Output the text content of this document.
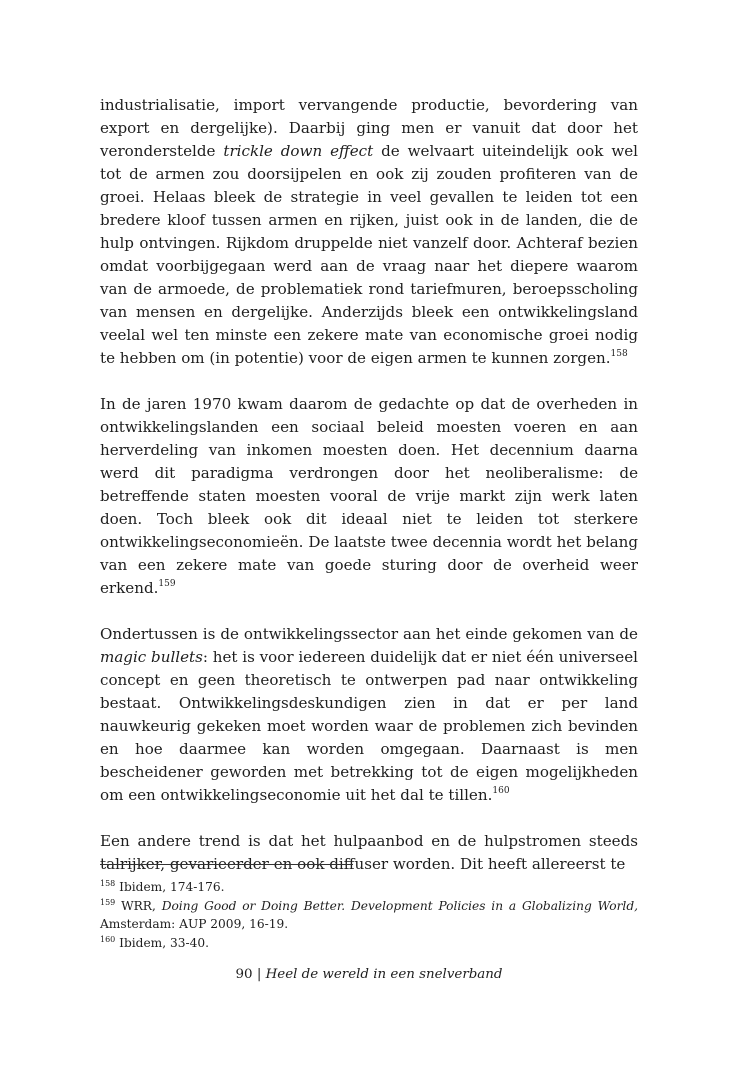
industrialisatie, import vervangende productie, bevordering van export en dergelijke). Daarbij ging men er vanuit dat door het veronderstelde trickle down effect de welvaart uiteindelijk ook wel tot de armen zou doorsijpelen en ook zij zouden profiteren van de groei. Helaas bleek de strategie in veel gevallen te leiden tot een bredere kloof tussen armen en rijken, juist ook in de landen, die de hulp ontvingen. Rijkdom druppelde niet vanzelf door. Achteraf bezien omdat voorbijgegaan werd aan de vraag naar het diepere waarom van de armoede, de problematiek rond tariefmuren, beroepsscholing van mensen en dergelijke. Anderzijds bleek een ontwikkelingsland veelal wel ten minste een zekere mate van economische groei nodig te hebben om (in potentie) voor de eigen armen te kunnen zorgen.$^{158}$

In de jaren 1970 kwam daarom de gedachte op dat de overheden in ontwikkelingslanden een sociaal beleid moesten voeren en aan herverdeling van inkomen moesten doen. Het decennium daarna werd dit paradigma verdrongen door het neoliberalisme: de betreffende staten moesten vooral de vrije markt zijn werk laten doen. Toch bleek ook dit ideaal niet te leiden tot sterkere ontwikkelingseconomieën. De laatste twee decennia wordt het belang van een zekere mate van goede sturing door de overheid weer erkend.$^{159}$

Ondertussen is de ontwikkelingssector aan het einde gekomen van de magic bullets: het is voor iedereen duidelijk dat er niet één universeel concept en geen theoretisch te ontwerpen pad naar ontwikkeling bestaat. Ontwikkelingsdeskundigen zien in dat er per land nauwkeurig gekeken moet worden waar de problemen zich bevinden en hoe daarmee kan worden omgegaan. Daarnaast is men bescheidener geworden met betrekking tot de eigen mogelijkheden om een ontwikkelingseconomie uit het dal te tillen.$^{160}$

Een andere trend is dat het hulpaanbod en de hulpstromen steeds talrijker, gevarieerder en ook diffuser worden. Dit heeft allereerst te

$^{158}$ Ibidem, 174-176.

$^{159}$ WRR, Doing Good or Doing Better. Development Policies in a Globalizing World, Amsterdam: AUP 2009, 16-19.

$^{160}$ Ibidem, 33-40.

90 | Heel de wereld in een snelverband
